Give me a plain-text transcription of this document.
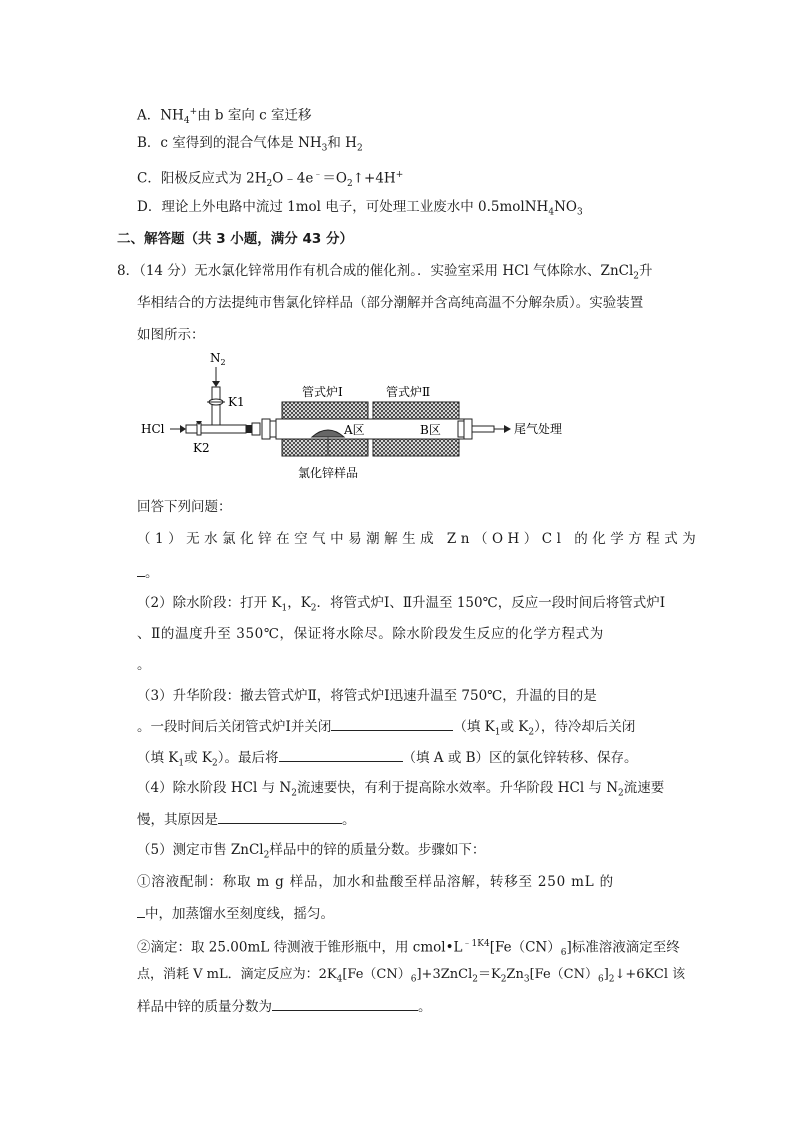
A．$NH_4^+$由 b 室向 c 室迁移
B．c 室得到的混合气体是 $NH_3$和 $H_2$
C．阳极反应式为 $2H_2O﹣4e^﹣=O_2↑+4H^+$
D．理论上外电路中流过 1mol 电子，可处理工业废水中 $0.5molNH_4NO_3$
二、解答题（共 3 小题，满分 43 分）
8．（14 分）无水氯化锌常用作有机合成的催化剂。．实验室采用 HCl 气体除水、ZnCl$_2$升
华相结合的方法提纯市售氯化锌样品（部分潮解并含高纯高温不分解杂质）。实验装置
如图所示：
$N_2$
K1
HCl
K2
管式炉Ⅰ	管式炉Ⅱ
A区	B区	尾气处理
氯化锌样品
回答下列问题：
（1）无水氯化锌在空气中易潮解生成 Zn（OH）Cl 的化学方程式为
。
（2）除水阶段：打开 $K_1$，$K_2$．将管式炉Ⅰ、Ⅱ升温至 150℃，反应一段时间后将管式炉Ⅰ
、Ⅱ的温度升至 350℃，保证将水除尽。除水阶段发生反应的化学方程式为
。
（3）升华阶段：撤去管式炉Ⅱ，将管式炉Ⅰ迅速升温至 750℃，升温的目的是
。一段时间后关闭管式炉Ⅰ并关闭	（填 $K_1$或 $K_2$），待冷却后关闭
（填 $K_1$或 $K_2$）。最后将	（填 A 或 B）区的氯化锌转移、保存。
（4）除水阶段 HCl 与 $N_2$流速要快，有利于提高除水效率。升华阶段 HCl 与 $N_2$流速要
慢，其原因是	。
（5）测定市售 ZnCl$_2$样品中的锌的质量分数。步骤如下：
①溶液配制：称取 m g 样品，加水和盐酸至样品溶解，转移至 250 mL 的
中，加蒸馏水至刻度线，摇匀。
②滴定：取 25.00mL 待测液于锥形瓶中，用 $cmol•L^{﹣1K4}[Fe(CN)_6]$标准溶液滴定至终
点，消耗 V mL．滴定反应为：$2K_4[Fe(CN)_6]+3ZnCl_2=K_2Zn_3[Fe(CN)_6]_2↓+6KCl$ 该
样品中锌的质量分数为	。
